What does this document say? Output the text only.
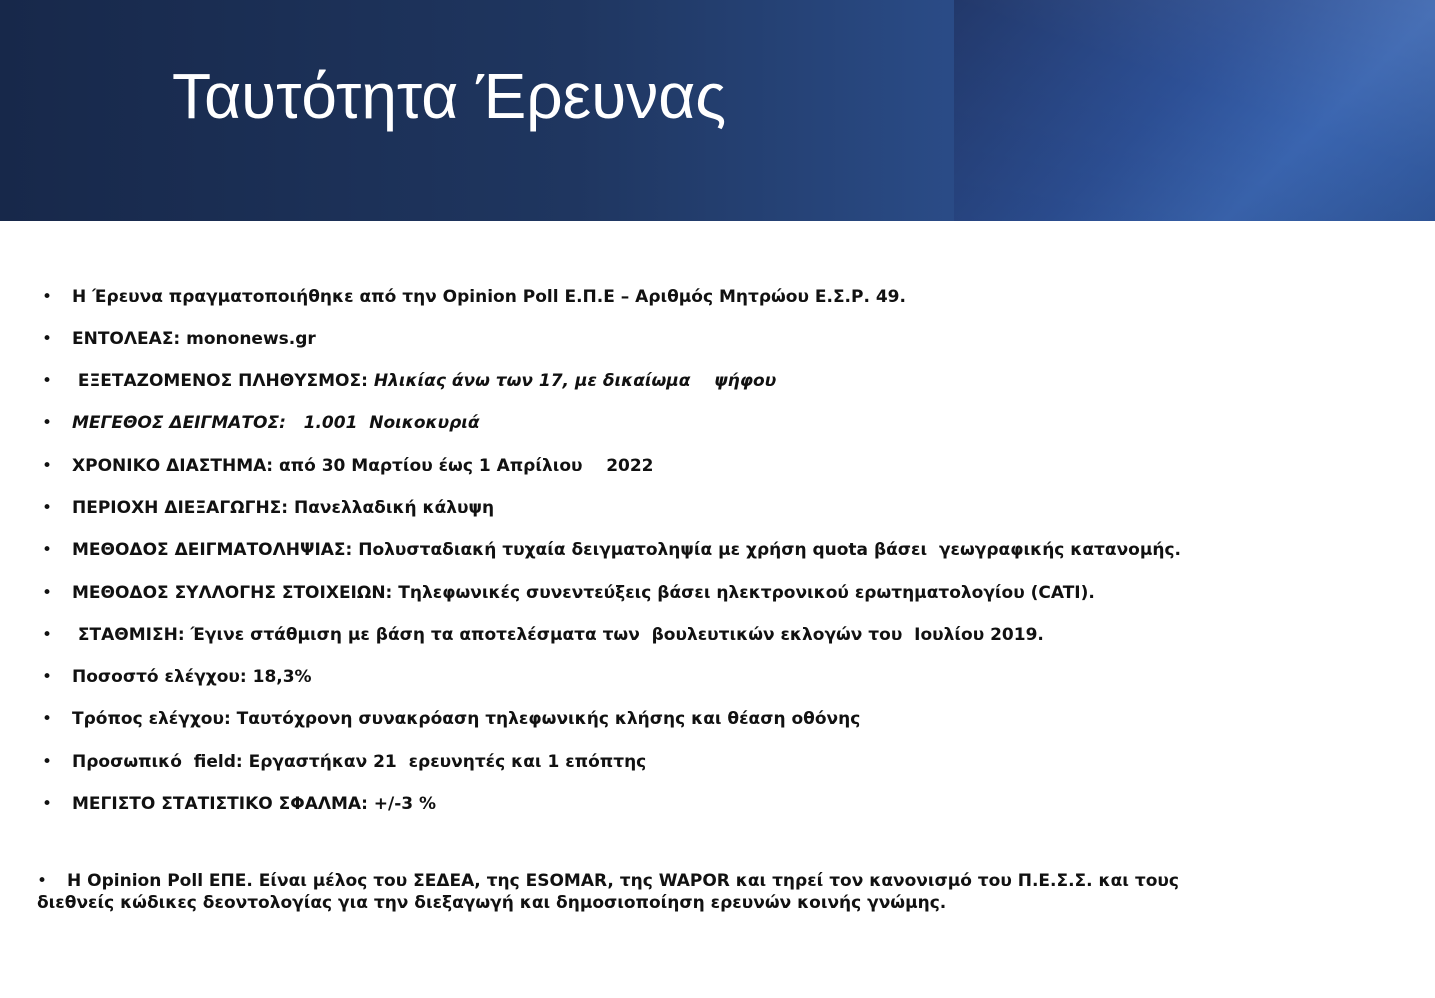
Ταυτότητα Έρευνας
• Η Έρευνα πραγματοποιήθηκε από την Opinion Poll Ε.Π.Ε – Αριθμός Μητρώου Ε.Σ.Ρ. 49.
• ΕΝΤΟΛΕΑΣ: mononews.gr
• ΕΞΕΤΑΖΟΜΕΝΟΣ ΠΛΗΘΥΣΜΟΣ: Ηλικίας άνω των 17, με δικαίωμα    ψήφου
• ΜΕΓΕΘΟΣ ΔΕΙΓΜΑΤΟΣ:   1.001  Νοικοκυριά
• ΧΡΟΝΙΚΟ ΔΙΑΣΤΗΜΑ: από 30 Μαρτίου έως 1 Απρίλιου    2022
• ΠΕΡΙΟΧΗ ΔΙΕΞΑΓΩΓΗΣ: Πανελλαδική κάλυψη
• ΜΕΘΟΔΟΣ ΔΕΙΓΜΑΤΟΛΗΨΙΑΣ: Πολυσταδιακή τυχαία δειγματοληψία με χρήση quota βάσει  γεωγραφικής κατανομής.
• ΜΕΘΟΔΟΣ ΣΥΛΛΟΓΗΣ ΣΤΟΙΧΕΙΩΝ: Τηλεφωνικές συνεντεύξεις βάσει ηλεκτρονικού ερωτηματολογίου (CATI).
• ΣΤΑΘΜΙΣΗ: Έγινε στάθμιση με βάση τα αποτελέσματα των  βουλευτικών εκλογών του  Ιουλίου 2019.
• Ποσοστό ελέγχου: 18,3%
• Τρόπος ελέγχου: Ταυτόχρονη συνακρόαση τηλεφωνικής κλήσης και θέαση οθόνης
• Προσωπικό  field: Εργαστήκαν 21  ερευνητές και 1 επόπτης
• ΜΕΓΙΣΤΟ ΣΤΑΤΙΣΤΙΚΟ ΣΦΑΛΜΑ: +/-3 %

• Η Opinion Poll ΕΠΕ. Είναι μέλος του ΣΕΔΕΑ, της ESOMAR, της WAPOR και τηρεί τον κανονισμό του Π.Ε.Σ.Σ. και τους διεθνείς κώδικες δεοντολογίας για την διεξαγωγή και δημοσιοποίηση ερευνών κοινής γνώμης.
